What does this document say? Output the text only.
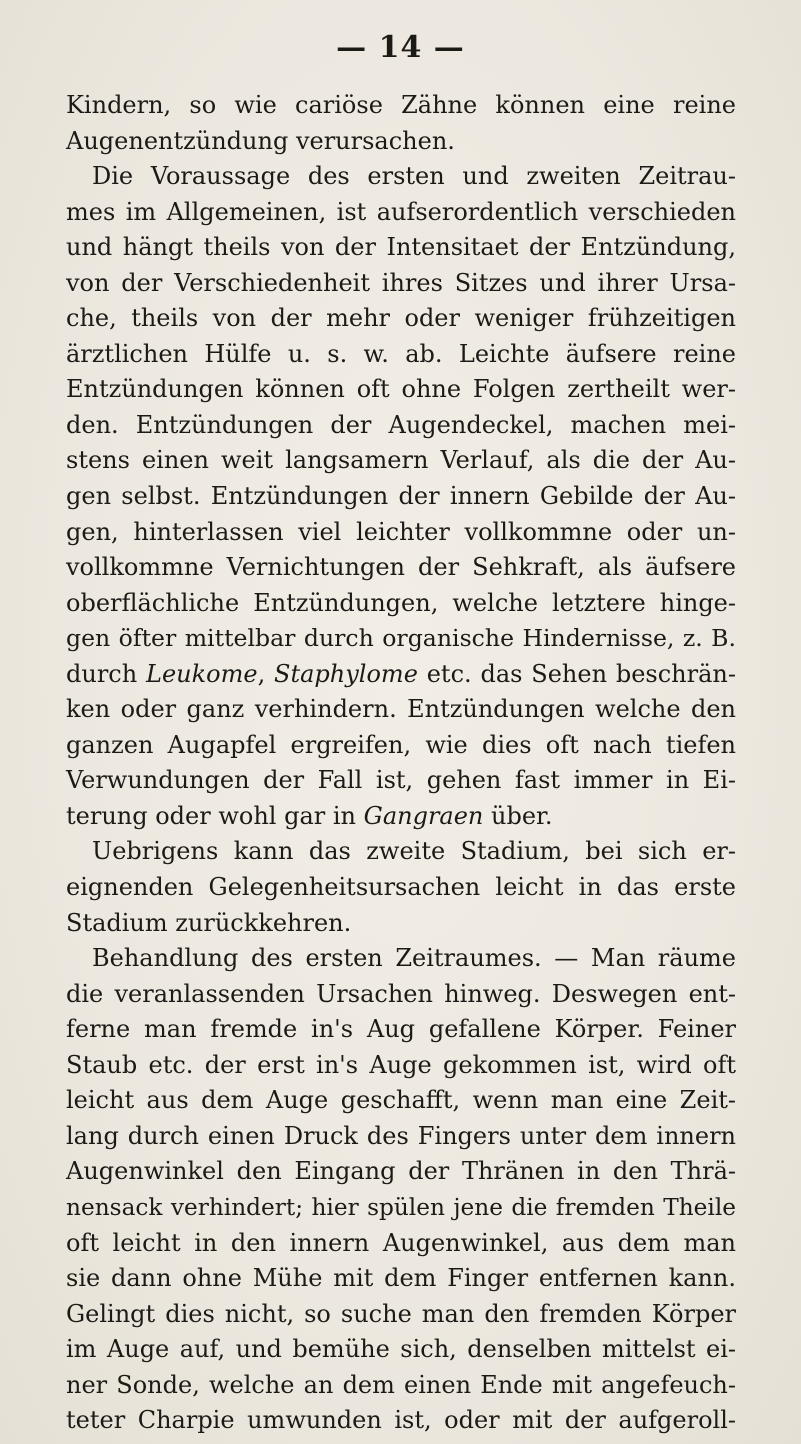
— 14 —
Kindern, so wie cariöse Zähne können eine reine
Augenentzündung verursachen.
Die Voraussage des ersten und zweiten Zeitrau-
mes im Allgemeinen, ist aufserordentlich verschieden
und hängt theils von der Intensitaet der Entzündung,
von der Verschiedenheit ihres Sitzes und ihrer Ursa-
che, theils von der mehr oder weniger frühzeitigen
ärztlichen Hülfe u. s. w. ab. Leichte äufsere reine
Entzündungen können oft ohne Folgen zertheilt wer-
den. Entzündungen der Augendeckel, machen mei-
stens einen weit langsamern Verlauf, als die der Au-
gen selbst. Entzündungen der innern Gebilde der Au-
gen, hinterlassen viel leichter vollkommne oder un-
vollkommne Vernichtungen der Sehkraft, als äufsere
oberflächliche Entzündungen, welche letztere hinge-
gen öfter mittelbar durch organische Hindernisse, z. B.
durch Leukome, Staphylome etc. das Sehen beschrän-
ken oder ganz verhindern. Entzündungen welche den
ganzen Augapfel ergreifen, wie dies oft nach tiefen
Verwundungen der Fall ist, gehen fast immer in Ei-
terung oder wohl gar in Gangraen über.
Uebrigens kann das zweite Stadium, bei sich er-
eignenden Gelegenheitsursachen leicht in das erste
Stadium zurückkehren.
Behandlung des ersten Zeitraumes. — Man räume
die veranlassenden Ursachen hinweg. Deswegen ent-
ferne man fremde in's Aug gefallene Körper. Feiner
Staub etc. der erst in's Auge gekommen ist, wird oft
leicht aus dem Auge geschafft, wenn man eine Zeit-
lang durch einen Druck des Fingers unter dem innern
Augenwinkel den Eingang der Thränen in den Thrä-
nensack verhindert; hier spülen jene die fremden Theile
oft leicht in den innern Augenwinkel, aus dem man
sie dann ohne Mühe mit dem Finger entfernen kann.
Gelingt dies nicht, so suche man den fremden Körper
im Auge auf, und bemühe sich, denselben mittelst ei-
ner Sonde, welche an dem einen Ende mit angefeuch-
teter Charpie umwunden ist, oder mit der aufgeroll-
